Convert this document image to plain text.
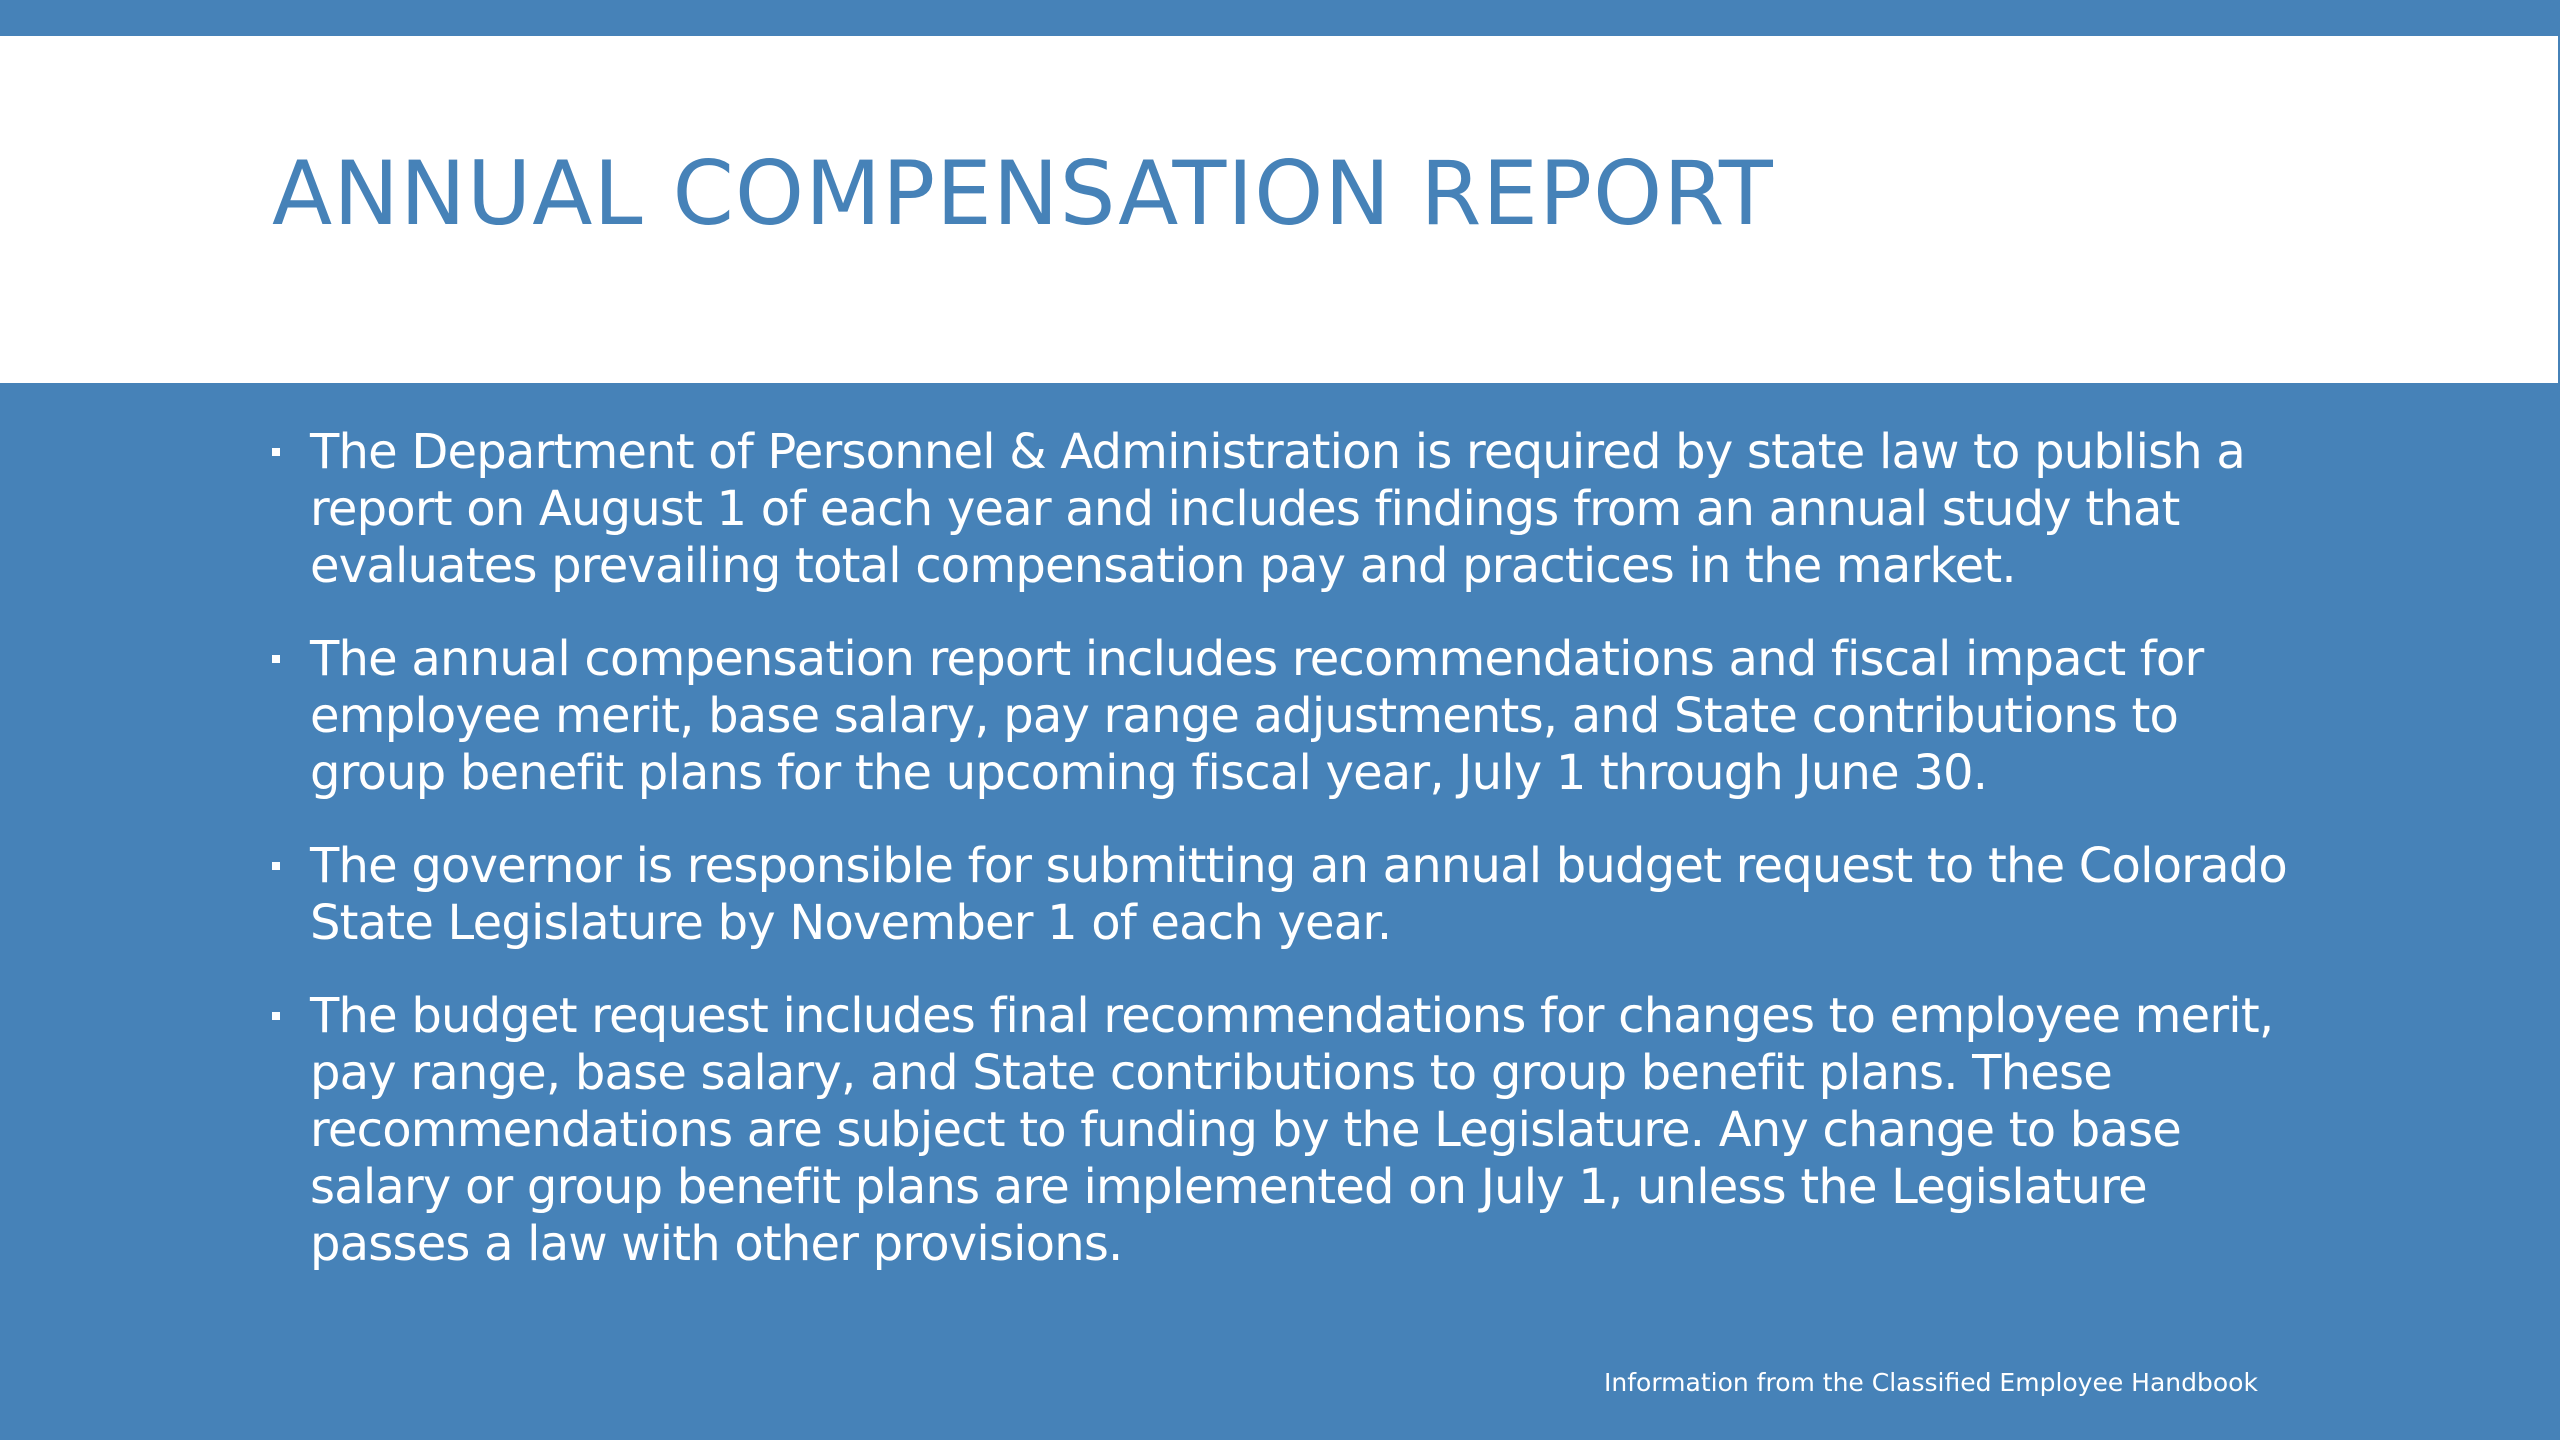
ANNUAL COMPENSATION REPORT
The Department of Personnel & Administration is required by state law to publish a report on August 1 of each year and includes findings from an annual study that evaluates prevailing total compensation pay and practices in the market.
The annual compensation report includes recommendations and fiscal impact for employee merit, base salary, pay range adjustments, and State contributions to group benefit plans for the upcoming fiscal year, July 1 through June 30.
The governor is responsible for submitting an annual budget request to the Colorado State Legislature by November 1 of each year.
The budget request includes final recommendations for changes to employee merit, pay range, base salary, and State contributions to group benefit plans. These recommendations are subject to funding by the Legislature. Any change to base salary or group benefit plans are implemented on July 1, unless the Legislature passes a law with other provisions.
Information from the Classified Employee Handbook
